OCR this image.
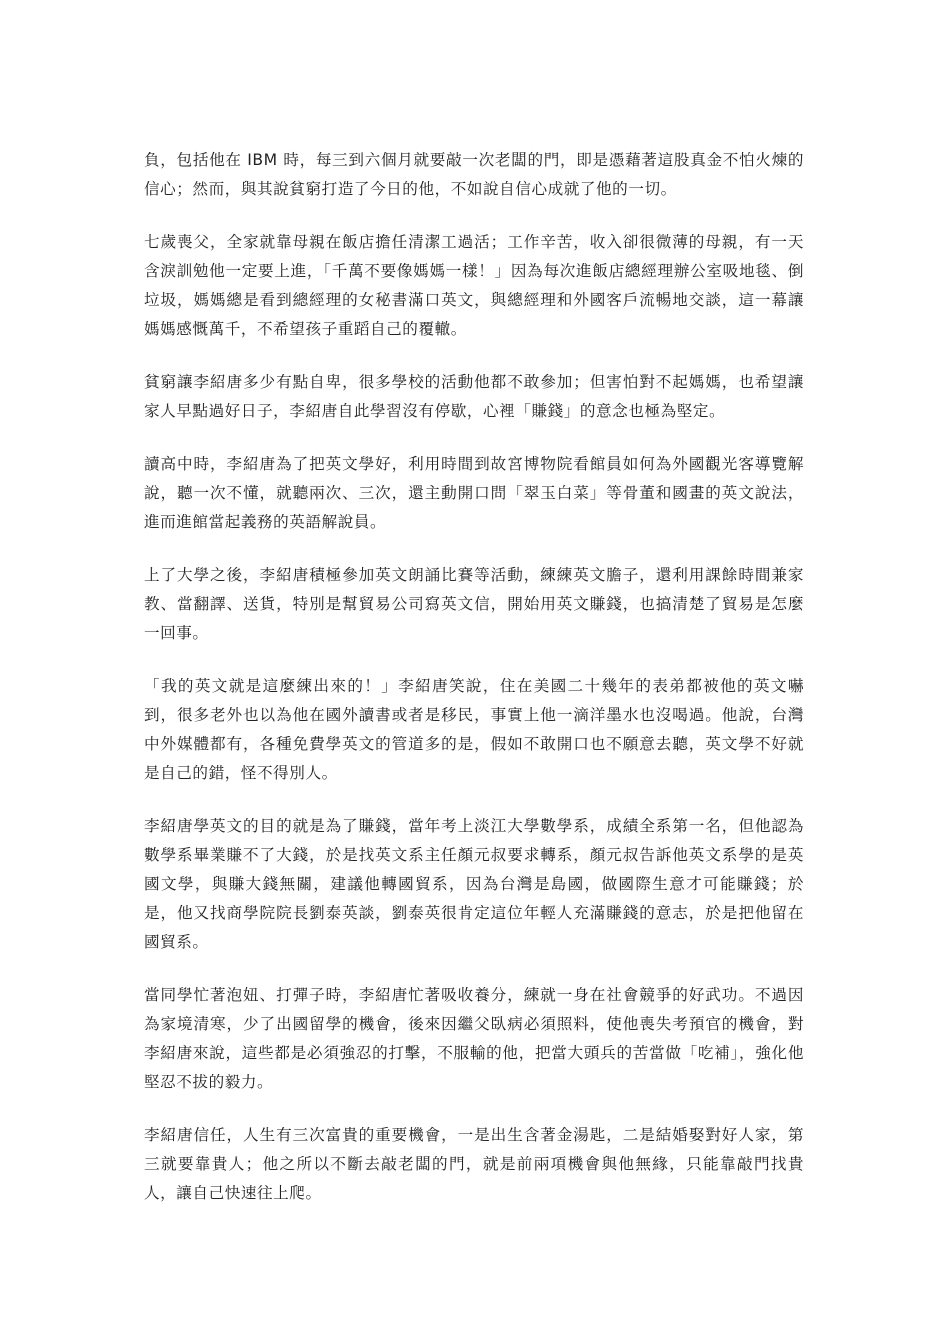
負，包括他在 IBM 時，每三到六個月就要敲一次老闆的門，即是憑藉著這股真金不怕火煉的信心；然而，與其說貧窮打造了今日的他，不如說自信心成就了他的一切。

七歲喪父，全家就靠母親在飯店擔任清潔工過活；工作辛苦，收入卻很微薄的母親，有一天含淚訓勉他一定要上進，「千萬不要像媽媽一樣！」因為每次進飯店總經理辦公室吸地毯、倒垃圾，媽媽總是看到總經理的女秘書滿口英文，與總經理和外國客戶流暢地交談，這一幕讓媽媽感慨萬千，不希望孩子重蹈自己的覆轍。

貧窮讓李紹唐多少有點自卑，很多學校的活動他都不敢參加；但害怕對不起媽媽，也希望讓家人早點過好日子，李紹唐自此學習沒有停歇，心裡「賺錢」的意念也極為堅定。

讀高中時，李紹唐為了把英文學好，利用時間到故宮博物院看館員如何為外國觀光客導覽解說，聽一次不懂，就聽兩次、三次，還主動開口問「翠玉白菜」等骨董和國畫的英文說法，進而進館當起義務的英語解說員。

上了大學之後，李紹唐積極參加英文朗誦比賽等活動，練練英文膽子，還利用課餘時間兼家教、當翻譯、送貨，特別是幫貿易公司寫英文信，開始用英文賺錢，也搞清楚了貿易是怎麼一回事。

「我的英文就是這麼練出來的！」李紹唐笑說，住在美國二十幾年的表弟都被他的英文嚇到，很多老外也以為他在國外讀書或者是移民，事實上他一滴洋墨水也沒喝過。他說，台灣中外媒體都有，各種免費學英文的管道多的是，假如不敢開口也不願意去聽，英文學不好就是自己的錯，怪不得別人。

李紹唐學英文的目的就是為了賺錢，當年考上淡江大學數學系，成績全系第一名，但他認為數學系畢業賺不了大錢，於是找英文系主任顏元叔要求轉系，顏元叔告訴他英文系學的是英國文學，與賺大錢無關，建議他轉國貿系，因為台灣是島國，做國際生意才可能賺錢；於是，他又找商學院院長劉泰英談，劉泰英很肯定這位年輕人充滿賺錢的意志，於是把他留在國貿系。

當同學忙著泡妞、打彈子時，李紹唐忙著吸收養分，練就一身在社會競爭的好武功。不過因為家境清寒，少了出國留學的機會，後來因繼父臥病必須照料，使他喪失考預官的機會，對李紹唐來說，這些都是必須強忍的打擊，不服輸的他，把當大頭兵的苦當做「吃補」，強化他堅忍不拔的毅力。

李紹唐信任，人生有三次富貴的重要機會，一是出生含著金湯匙，二是結婚娶對好人家，第三就要靠貴人；他之所以不斷去敲老闆的門，就是前兩項機會與他無緣，只能靠敲門找貴人，讓自己快速往上爬。
